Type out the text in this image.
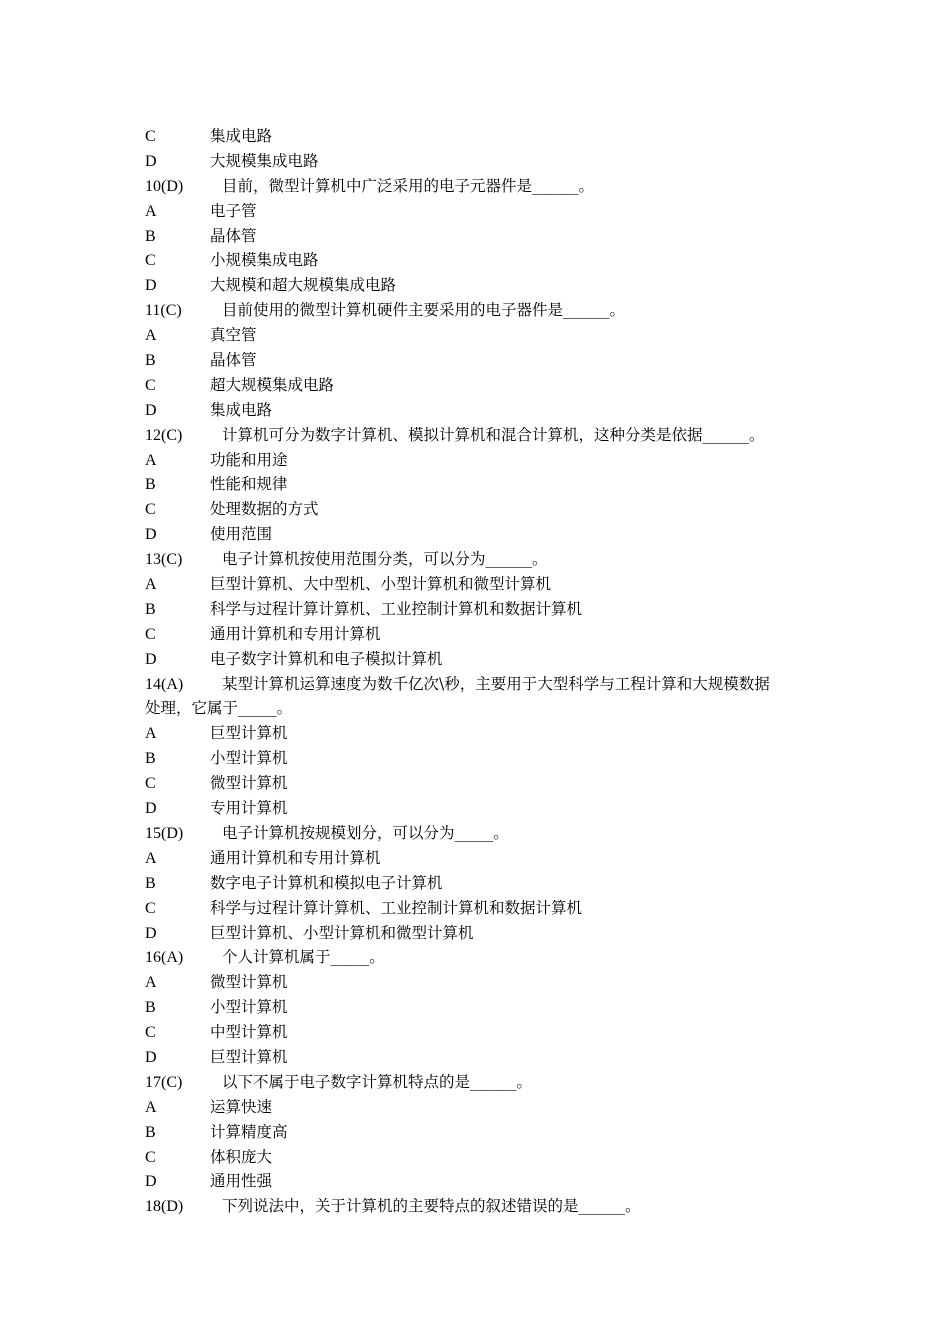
C	集成电路
D	大规模集成电路
10(D)	目前，微型计算机中广泛采用的电子元器件是______。
A	电子管
B	晶体管
C	小规模集成电路
D	大规模和超大规模集成电路
11(C)	目前使用的微型计算机硬件主要采用的电子器件是______。
A	真空管
B	晶体管
C	超大规模集成电路
D	集成电路
12(C)	计算机可分为数字计算机、模拟计算机和混合计算机，这种分类是依据______。
A	功能和用途
B	性能和规律
C	处理数据的方式
D	使用范围
13(C)	电子计算机按使用范围分类，可以分为______。
A	巨型计算机、大中型机、小型计算机和微型计算机
B	科学与过程计算计算机、工业控制计算机和数据计算机
C	通用计算机和专用计算机
D	电子数字计算机和电子模拟计算机
14(A)	某型计算机运算速度为数千亿次\秒，主要用于大型科学与工程计算和大规模数据
处理，它属于_____。
A	巨型计算机
B	小型计算机
C	微型计算机
D	专用计算机
15(D)	电子计算机按规模划分，可以分为_____。
A	通用计算机和专用计算机
B	数字电子计算机和模拟电子计算机
C	科学与过程计算计算机、工业控制计算机和数据计算机
D	巨型计算机、小型计算机和微型计算机
16(A)	个人计算机属于_____。
A	微型计算机
B	小型计算机
C	中型计算机
D	巨型计算机
17(C)	以下不属于电子数字计算机特点的是______。
A	运算快速
B	计算精度高
C	体积庞大
D	通用性强
18(D)	下列说法中，关于计算机的主要特点的叙述错误的是______。
